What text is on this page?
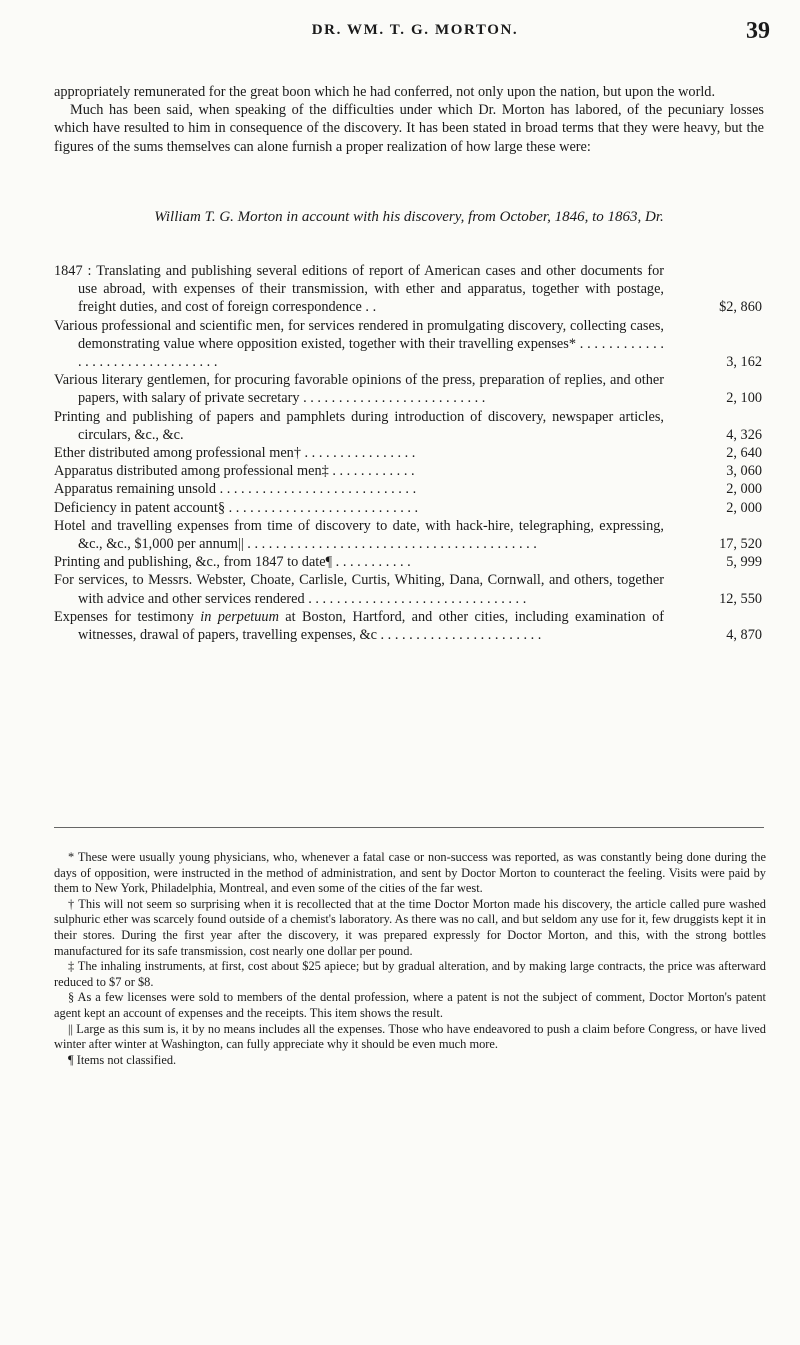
DR. WM. T. G. MORTON.	39

appropriately remunerated for the great boon which he had conferred, not only upon the nation, but upon the world.

Much has been said, when speaking of the difficulties under which Dr. Morton has labored, of the pecuniary losses which have resulted to him in consequence of the discovery. It has been stated in broad terms that they were heavy, but the figures of the sums themselves can alone furnish a proper realization of how large these were:

William T. G. Morton in account with his discovery, from October, 1846, to 1863, Dr.
1847 : Translating and publishing several editions of report of American cases and other documents for use abroad, with expenses of their transmission, with ether and apparatus, together with postage, freight duties, and cost of foreign correspondence . .	$2, 860
Various professional and scientific men, for services rendered in promulgating discovery, collecting cases, demonstrating value where opposition existed, together with their travelling expenses* . . . . . . . . . . . . . . . . . . . . . . . . . . . . . . . .	3, 162
Various literary gentlemen, for procuring favorable opinions of the press, preparation of replies, and other papers, with salary of private secretary . . . . . . . . . . . . . . . . . . . . . . . . . .	2, 100
Printing and publishing of papers and pamphlets during introduction of discovery, newspaper articles, circulars, &c., &c.	4, 326
Ether distributed among professional men† . . . . . . . . . . . . . . . .	2, 640
Apparatus distributed among professional men‡ . . . . . . . . . . . .	3, 060
Apparatus remaining unsold . . . . . . . . . . . . . . . . . . . . . . . . . . . .	2, 000
Deficiency in patent account§ . . . . . . . . . . . . . . . . . . . . . . . . . . .	2, 000
Hotel and travelling expenses from time of discovery to date, with hack-hire, telegraphing, expressing, &c., &c., $1,000 per annum|| . . . . . . . . . . . . . . . . . . . . . . . . . . . . . . . . . . . . . . . . .	17, 520
Printing and publishing, &c., from 1847 to date¶ . . . . . . . . . . .	5, 999
For services, to Messrs. Webster, Choate, Carlisle, Curtis, Whiting, Dana, Cornwall, and others, together with advice and other services rendered . . . . . . . . . . . . . . . . . . . . . . . . . . . . . . .	12, 550
Expenses for testimony in perpetuum at Boston, Hartford, and other cities, including examination of witnesses, drawal of papers, travelling expenses, &c . . . . . . . . . . . . . . . . . . . . . . .	4, 870

* These were usually young physicians, who, whenever a fatal case or non-success was reported, as was constantly being done during the days of opposition, were instructed in the method of administration, and sent by Doctor Morton to counteract the feeling. Visits were paid by them to New York, Philadelphia, Montreal, and even some of the cities of the far west.

† This will not seem so surprising when it is recollected that at the time Doctor Morton made his discovery, the article called pure washed sulphuric ether was scarcely found outside of a chemist's laboratory. As there was no call, and but seldom any use for it, few druggists kept it in their stores. During the first year after the discovery, it was prepared expressly for Doctor Morton, and this, with the strong bottles manufactured for its safe transmission, cost nearly one dollar per pound.

‡ The inhaling instruments, at first, cost about $25 apiece; but by gradual alteration, and by making large contracts, the price was afterward reduced to $7 or $8.

§ As a few licenses were sold to members of the dental profession, where a patent is not the subject of comment, Doctor Morton's patent agent kept an account of expenses and the receipts. This item shows the result.

|| Large as this sum is, it by no means includes all the expenses. Those who have endeavored to push a claim before Congress, or have lived winter after winter at Washington, can fully appreciate why it should be even much more.

¶ Items not classified.
